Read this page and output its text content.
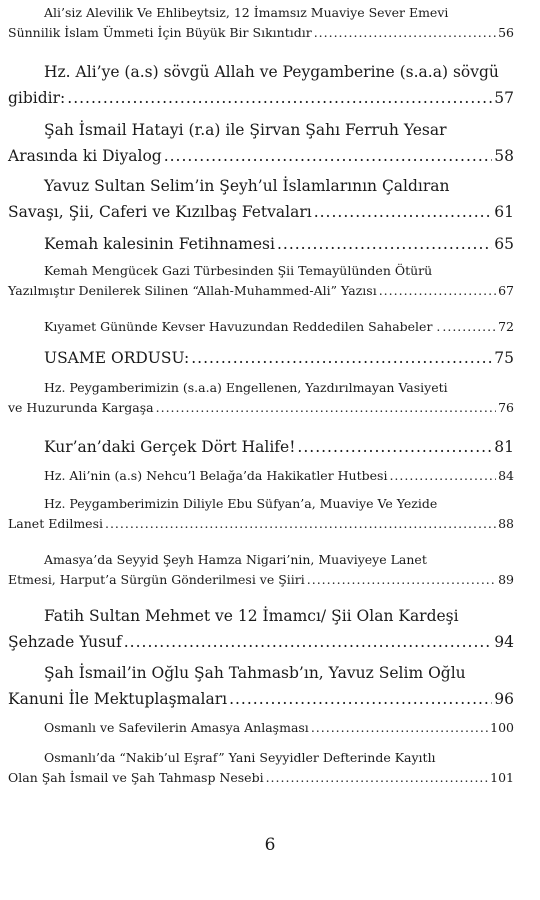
Ali’siz Alevilik Ve Ehlibeytsiz, 12 İmamsız Muaviye Sever Emevi
Sünnilik İslam Ümmeti İçin Büyük Bir Sıkıntıdır .....	56
Hz. Ali’ye (a.s) sövgü Allah ve Peygamberine (s.a.a) sövgü
gibidir: .....	57
Şah İsmail Hatayi (r.a) ile Şirvan Şahı Ferruh Yesar
Arasında ki Diyalog .....	58
Yavuz Sultan Selim’in Şeyh’ul İslamlarının Çaldıran
Savaşı, Şii, Caferi ve Kızılbaş Fetvaları .....	61
Kemah kalesinin Fetihnamesi .....	65
Kemah Mengücek Gazi Türbesinden Şii Temayülünden Ötürü
Yazılmıştır Denilerek Silinen “Allah-Muhammed-Ali” Yazısı .....	67
Kıyamet Gününde Kevser Havuzundan Reddedilen Sahabeler . .....	72
USAME ORDUSU: .....	75
Hz. Peygamberimizin (s.a.a) Engellenen, Yazdırılmayan Vasiyeti
ve Huzurunda Kargaşa .....	76
Kur’an’daki Gerçek Dört Halife! .....	81
Hz. Ali’nin (a.s) Nehcu’l Belağa’da Hakikatler Hutbesi .....	84
Hz. Peygamberimizin Diliyle Ebu Süfyan’a, Muaviye Ve Yezide
Lanet Edilmesi .....	88
Amasya’da Seyyid Şeyh Hamza Nigari’nin, Muaviyeye Lanet
Etmesi, Harput’a Sürgün Gönderilmesi ve Şiiri .....	89
Fatih Sultan Mehmet ve 12 İmamcı/ Şii Olan Kardeşi
Şehzade Yusuf .....	94
Şah İsmail’in Oğlu Şah Tahmasb’ın, Yavuz Selim Oğlu
Kanuni İle Mektuplaşmaları .....	96
Osmanlı ve Safevilerin Amasya Anlaşması .....	100
Osmanlı’da “Nakib’ul Eşraf” Yani Seyyidler Defterinde Kayıtlı
Olan Şah İsmail ve Şah Tahmasp Nesebi .....	101
6
